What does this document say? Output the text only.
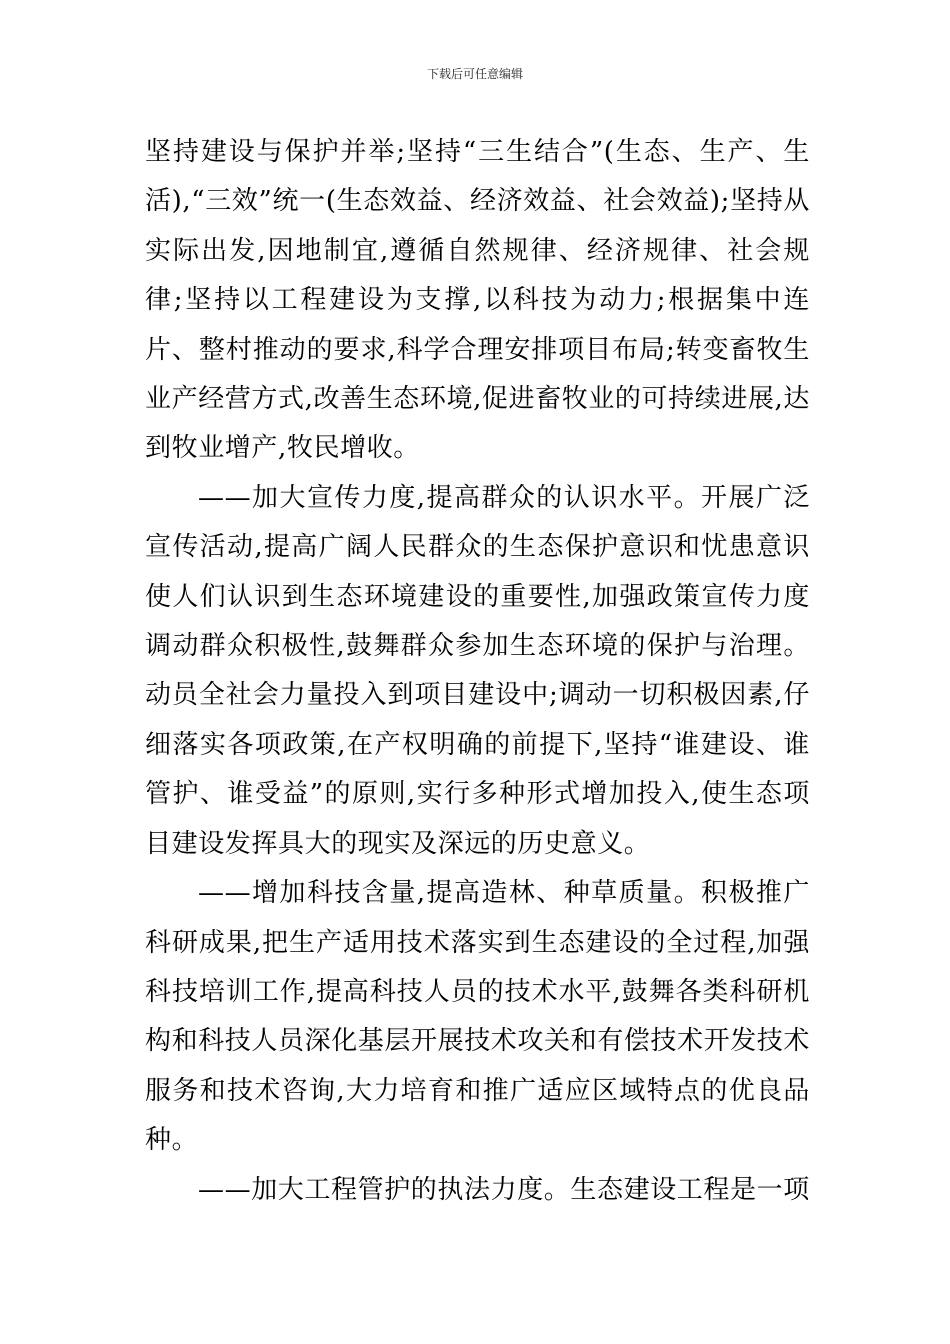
下载后可任意编辑

坚持建设与保护并举;坚持“三生结合”(生态、生产、生活),“三效”统一(生态效益、经济效益、社会效益);坚持从实际出发,因地制宜,遵循自然规律、经济规律、社会规律;坚持以工程建设为支撑,以科技为动力;根据集中连片、整村推动的要求,科学合理安排项目布局;转变畜牧生业产经营方式,改善生态环境,促进畜牧业的可持续进展,达到牧业增产,牧民增收。

——加大宣传力度,提高群众的认识水平。开展广泛宣传活动,提高广阔人民群众的生态保护意识和忧患意识使人们认识到生态环境建设的重要性,加强政策宣传力度调动群众积极性,鼓舞群众参加生态环境的保护与治理。动员全社会力量投入到项目建设中;调动一切积极因素,仔细落实各项政策,在产权明确的前提下,坚持“谁建设、谁管护、谁受益”的原则,实行多种形式增加投入,使生态项目建设发挥具大的现实及深远的历史意义。

——增加科技含量,提高造林、种草质量。积极推广科研成果,把生产适用技术落实到生态建设的全过程,加强科技培训工作,提高科技人员的技术水平,鼓舞各类科研机构和科技人员深化基层开展技术攻关和有偿技术开发技术服务和技术咨询,大力培育和推广适应区域特点的优良品种。

——加大工程管护的执法力度。生态建设工程是一项
